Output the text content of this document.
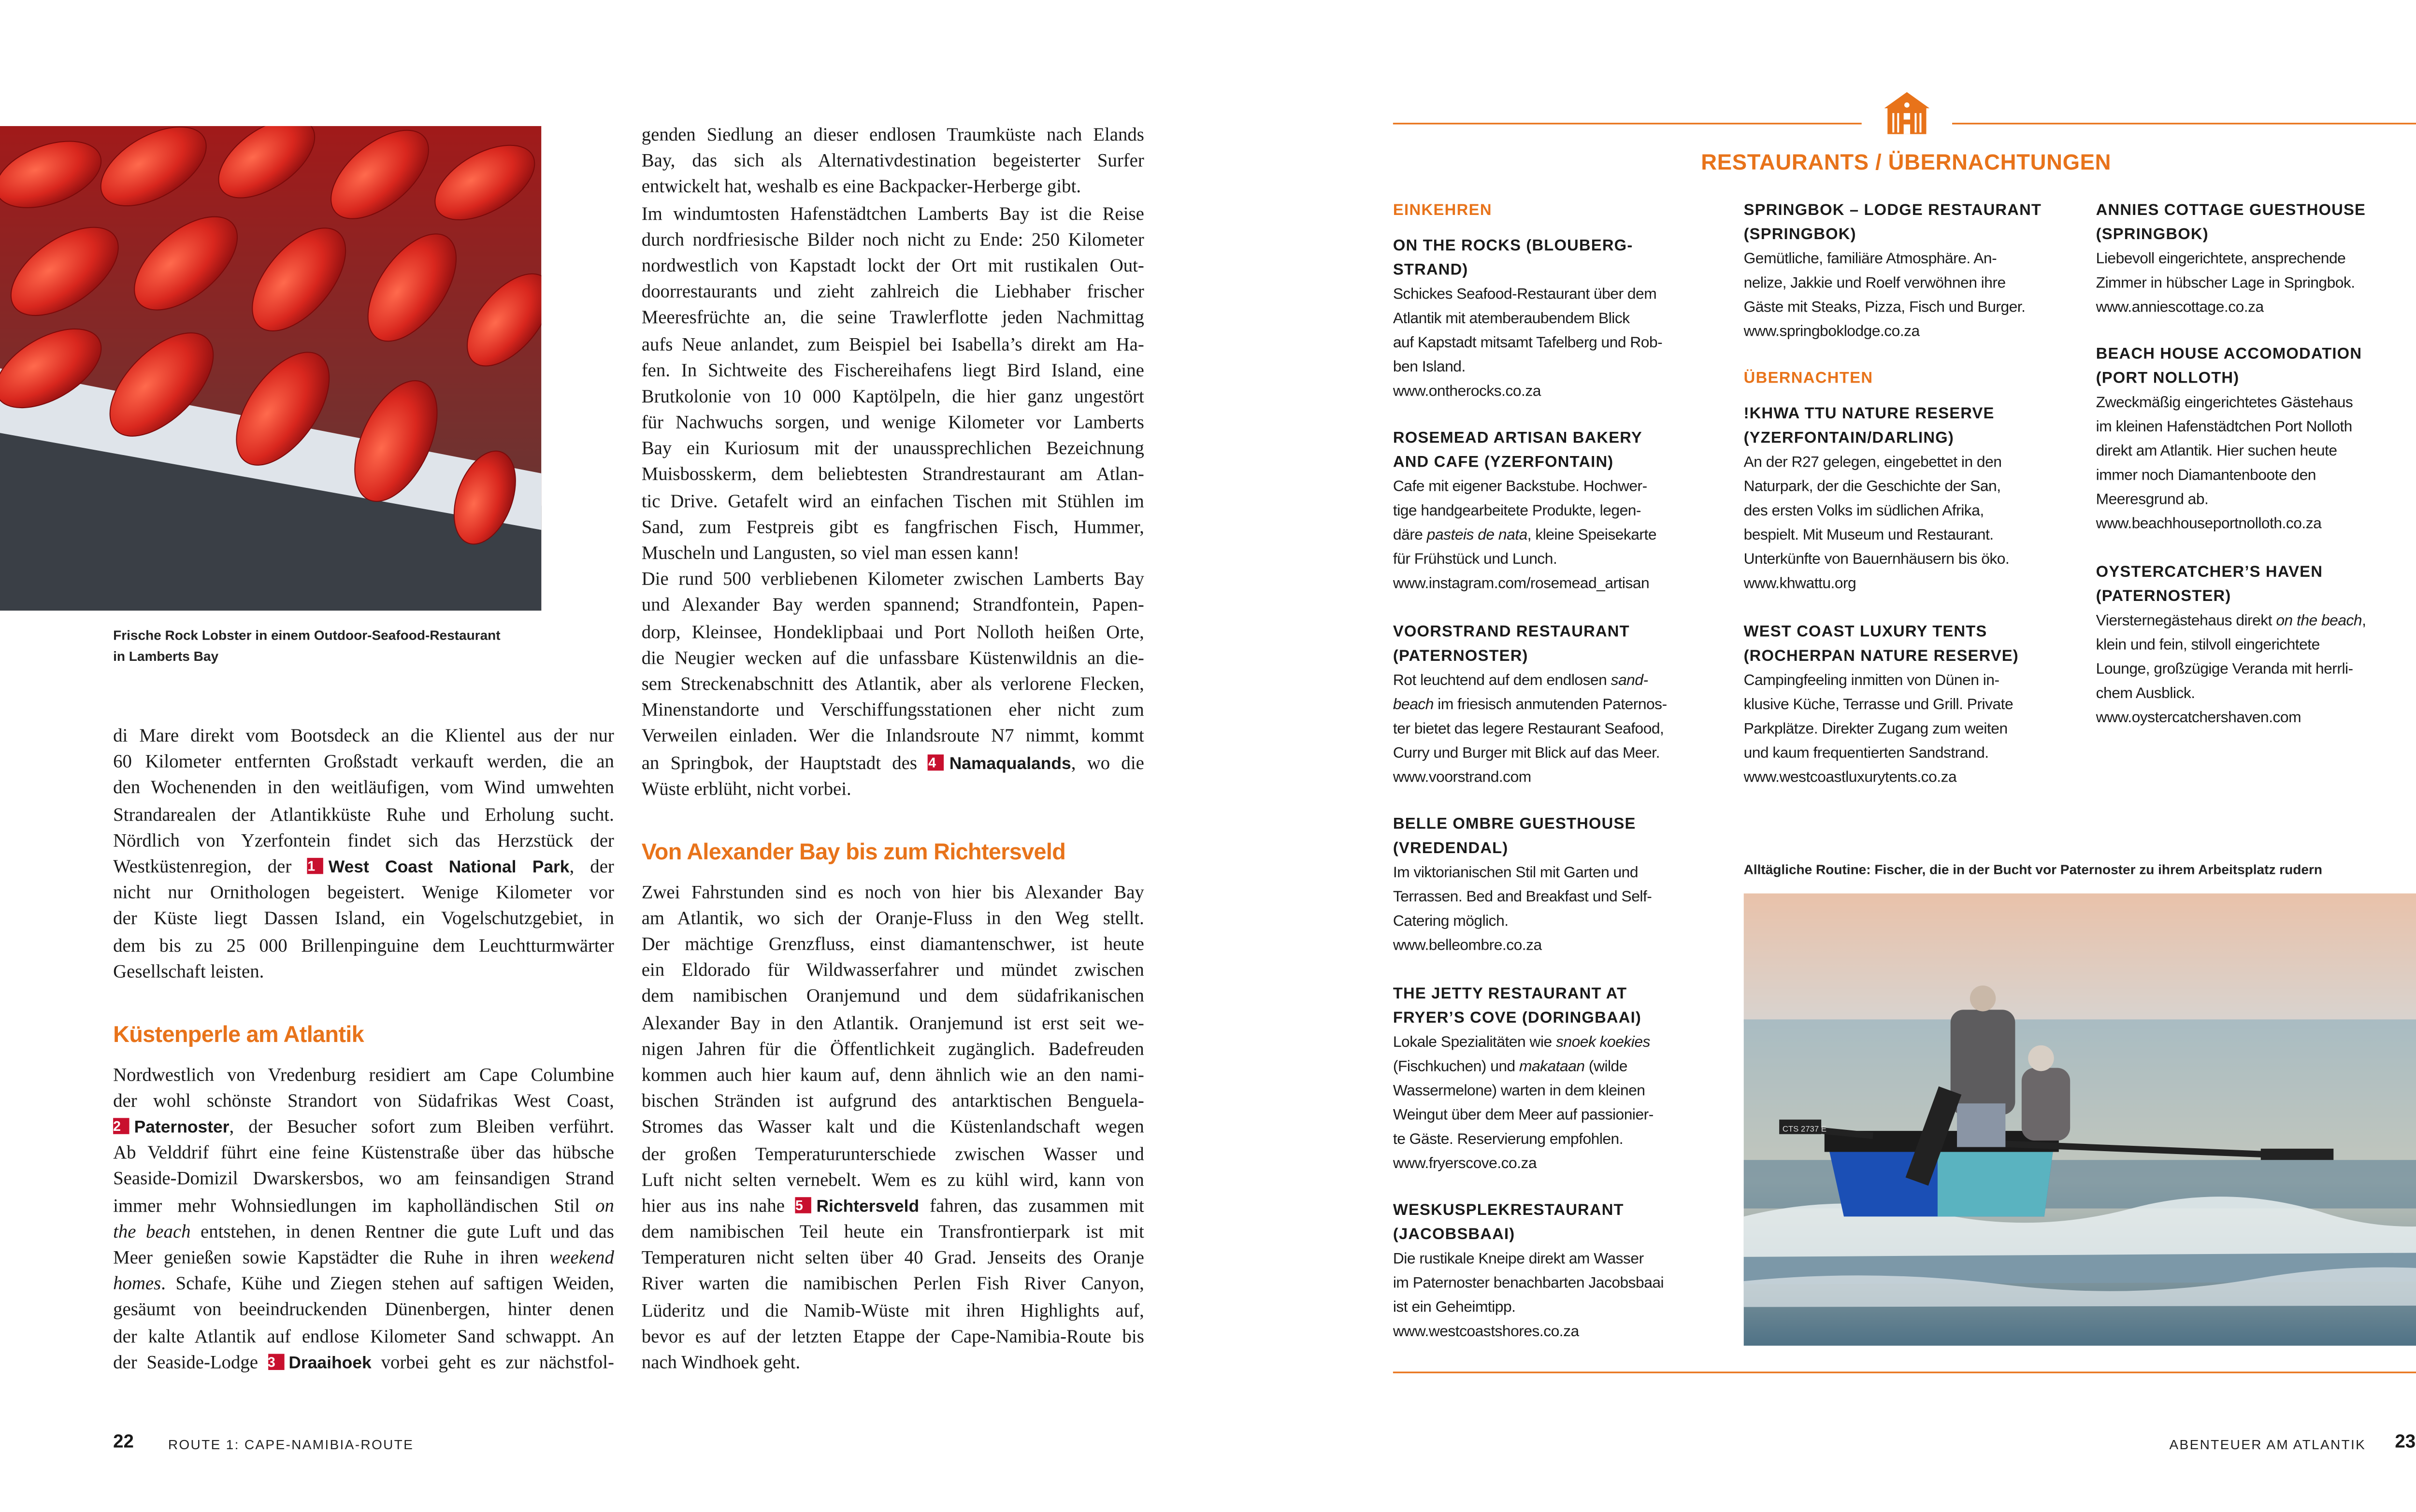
Frische Rock Lobster in einem Outdoor-Seafood-Restaurant
in Lamberts Bay
di Mare direkt vom Bootsdeck an die Klientel aus der nur
60 Kilometer entfernten Großstadt verkauft werden, die an
den Wochenenden in den weitläufigen, vom Wind umwehten
Strandarealen der Atlantikküste Ruhe und Erholung sucht.
Nördlich von Yzerfontein findet sich das Herzstück der
Westküstenregion, der 1	West Coast National Park, der
nicht nur Ornithologen begeistert. Wenige Kilometer vor
der Küste liegt Dassen Island, ein Vogelschutzgebiet, in
dem bis zu 25 000 Brillenpinguine dem Leuchtturmwärter
Gesellschaft leisten.
Küstenperle am Atlantik
Nordwestlich von Vredenburg residiert am Cape Columbine
der wohl schönste Strandort von Südafrikas West Coast,
2	Paternoster, der Besucher sofort zum Bleiben verführt.
Ab Velddrif führt eine feine Küstenstraße über das hübsche
Seaside-Domizil Dwarskersbos, wo am feinsandigen Strand
immer mehr Wohnsiedlungen im kapholländischen Stil on
the beach entstehen, in denen Rentner die gute Luft und das
Meer genießen sowie Kapstädter die Ruhe in ihren weekend
homes. Schafe, Kühe und Ziegen stehen auf saftigen Weiden,
gesäumt von beeindruckenden Dünenbergen, hinter denen
der kalte Atlantik auf endlose Kilometer Sand schwappt. An
der Seaside-Lodge 3	Draaihoek vorbei geht es zur nächstfol-
genden Siedlung an dieser endlosen Traumküste nach Elands
Bay, das sich als Alternativdestination begeisterter Surfer
entwickelt hat, weshalb es eine Backpacker-Herberge gibt.
Im windumtosten Hafenstädtchen Lamberts Bay ist die Reise
durch nordfriesische Bilder noch nicht zu Ende: 250 Kilometer
nordwestlich von Kapstadt lockt der Ort mit rustikalen Out-
doorrestaurants und zieht zahlreich die Liebhaber frischer
Meeresfrüchte an, die seine Trawlerflotte jeden Nachmittag
aufs Neue anlandet, zum Beispiel bei Isabella’s direkt am Ha-
fen. In Sichtweite des Fischereihafens liegt Bird Island, eine
Brutkolonie von 10 000 Kaptölpeln, die hier ganz ungestört
für Nachwuchs sorgen, und wenige Kilometer vor Lamberts
Bay ein Kuriosum mit der unaussprechlichen Bezeichnung
Muisbosskerm, dem beliebtesten Strandrestaurant am Atlan-
tic Drive. Getafelt wird an einfachen Tischen mit Stühlen im
Sand, zum Festpreis gibt es fangfrischen Fisch, Hummer,
Muscheln und Langusten, so viel man essen kann!
Die rund 500 verbliebenen Kilometer zwischen Lamberts Bay
und Alexander Bay werden spannend; Strandfontein, Papen-
dorp, Kleinsee, Hondeklipbaai und Port Nolloth heißen Orte,
die Neugier wecken auf die unfassbare Küstenwildnis an die-
sem Streckenabschnitt des Atlantik, aber als verlorene Flecken,
Minenstandorte und Verschiffungsstationen eher nicht zum
Verweilen einladen. Wer die Inlandsroute N7 nimmt, kommt
an Springbok, der Hauptstadt des 4	Namaqualands, wo die
Wüste erblüht, nicht vorbei.
Von Alexander Bay bis zum Richtersveld
Zwei Fahrstunden sind es noch von hier bis Alexander Bay
am Atlantik, wo sich der Oranje-Fluss in den Weg stellt.
Der mächtige Grenzfluss, einst diamantenschwer, ist heute
ein Eldorado für Wildwasserfahrer und mündet zwischen
dem namibischen Oranjemund und dem südafrikanischen
Alexander Bay in den Atlantik. Oranjemund ist erst seit we-
nigen Jahren für die Öffentlichkeit zugänglich. Badefreuden
kommen auch hier kaum auf, denn ähnlich wie an den nami-
bischen Stränden ist aufgrund des antarktischen Benguela-
Stromes das Wasser kalt und die Küstenlandschaft wegen
der großen Temperaturunterschiede zwischen Wasser und
Luft nicht selten vernebelt. Wem es zu kühl wird, kann von
hier aus ins nahe 5	Richtersveld fahren, das zusammen mit
dem namibischen Teil heute ein Transfrontierpark ist mit
Temperaturen nicht selten über 40 Grad. Jenseits des Oranje
River warten die namibischen Perlen Fish River Canyon,
Lüderitz und die Namib-Wüste mit ihren Highlights auf,
bevor es auf der letzten Etappe der Cape-Namibia-Route bis
nach Windhoek geht.
RESTAURANTS / ÜBERNACHTUNGEN
EINKEHREN
ON THE ROCKS (BLOUBERG-
STRAND)
Schickes Seafood-Restaurant über dem
Atlantik mit atemberaubendem Blick
auf Kapstadt mitsamt Tafelberg und Rob-
ben Island.
www.ontherocks.co.za
ROSEMEAD ARTISAN BAKERY
AND CAFE (YZERFONTAIN)
Cafe mit eigener Backstube. Hochwer-
tige handgearbeitete Produkte, legen-
däre pasteis de nata, kleine Speisekarte
für Frühstück und Lunch.
www.instagram.com/rosemead_artisan
VOORSTRAND RESTAURANT
(PATERNOSTER)
Rot leuchtend auf dem endlosen sand-
beach im friesisch anmutenden Paternos-
ter bietet das legere Restaurant Seafood,
Curry und Burger mit Blick auf das Meer.
www.voorstrand.com
BELLE OMBRE GUESTHOUSE
(VREDENDAL)
Im viktorianischen Stil mit Garten und
Terrassen. Bed and Breakfast und Self-
Catering möglich.
www.belleombre.co.za
THE JETTY RESTAURANT AT
FRYER’S COVE (DORINGBAAI)
Lokale Spezialitäten wie snoek koekies
(Fischkuchen) und makataan (wilde
Wassermelone) warten in dem kleinen
Weingut über dem Meer auf passionier-
te Gäste. Reservierung empfohlen.
www.fryerscove.co.za
WESKUSPLEKRESTAURANT
(JACOBSBAAI)
Die rustikale Kneipe direkt am Wasser
im Paternoster benachbarten Jacobsbaai
ist ein Geheimtipp.
www.westcoastshores.co.za
SPRINGBOK – LODGE RESTAURANT
(SPRINGBOK)
Gemütliche, familiäre Atmosphäre. An-
nelize, Jakkie und Roelf verwöhnen ihre
Gäste mit Steaks, Pizza, Fisch und Burger.
www.springboklodge.co.za
ÜBERNACHTEN
!KHWA TTU NATURE RESERVE
(YZERFONTAIN/DARLING)
An der R27 gelegen, eingebettet in den
Naturpark, der die Geschichte der San,
des ersten Volks im südlichen Afrika,
bespielt. Mit Museum und Restaurant.
Unterkünfte von Bauernhäusern bis öko.
www.khwattu.org
WEST COAST LUXURY TENTS
(ROCHERPAN NATURE RESERVE)
Campingfeeling inmitten von Dünen in-
klusive Küche, Terrasse und Grill. Private
Parkplätze. Direkter Zugang zum weiten
und kaum frequentierten Sandstrand.
www.westcoastluxurytents.co.za
ANNIES COTTAGE GUESTHOUSE
(SPRINGBOK)
Liebevoll eingerichtete, ansprechende
Zimmer in hübscher Lage in Springbok.
www.anniescottage.co.za
BEACH HOUSE ACCOMODATION
(PORT NOLLOTH)
Zweckmäßig eingerichtetes Gästehaus
im kleinen Hafenstädtchen Port Nolloth
direkt am Atlantik. Hier suchen heute
immer noch Diamantenboote den
Meeresgrund ab.
www.beachhouseportnolloth.co.za
OYSTERCATCHER’S HAVEN
(PATERNOSTER)
Viersternegästehaus direkt on the beach,
klein und fein, stilvoll eingerichtete
Lounge, großzügige Veranda mit herrli-
chem Ausblick.
www.oystercatchershaven.com
Alltägliche Routine: Fischer, die in der Bucht vor Paternoster zu ihrem Arbeitsplatz rudern
CTS 2737 E
22	ROUTE 1: CAPE-NAMIBIA-ROUTE	ABENTEUER AM ATLANTIK	23
